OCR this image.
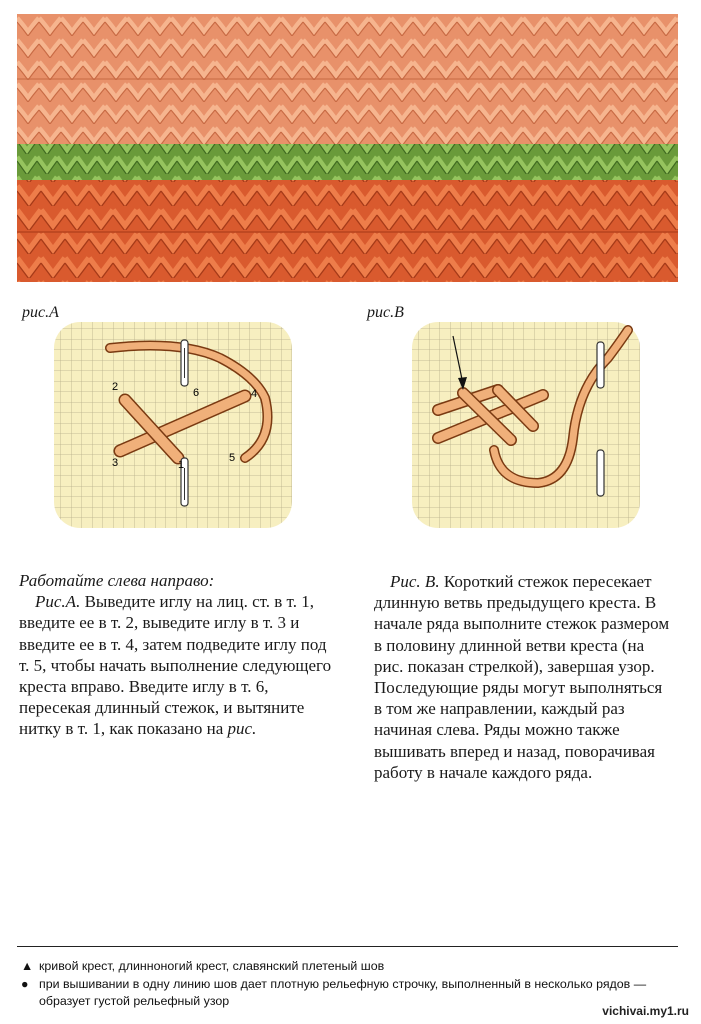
рис.А
1
2
3
4
5
6
рис.В

Работайте слева направо:

Рис.А. Выведите иглу на лиц. ст. в т. 1, введите ее в т. 2, выведите иглу в т. 3 и введите ее в т. 4, затем подведите иглу под т. 5, чтобы начать выполнение следующего креста вправо. Введите иглу в т. 6, пересекая длинный стежок, и вытяните нитку в т. 1, как показано на рис.

Рис. В. Короткий стежок пересекает длинную ветвь предыдущего креста. В начале ряда выполните стежок размером в половину длинной ветви креста (на рис. показан стрелкой), завершая узор. Последующие ряды могут выполняться в том же направлении, каждый раз начиная слева. Ряды можно также вышивать вперед и назад, поворачивая работу в начале каждого ряда.

▲ кривой крест, длинноногий крест, славянский плетеный шов
● при вышивании в одну линию шов дает плотную рельефную строчку, выполненный в несколько рядов — образует густой рельефный узор
vichivai.my1.ru
